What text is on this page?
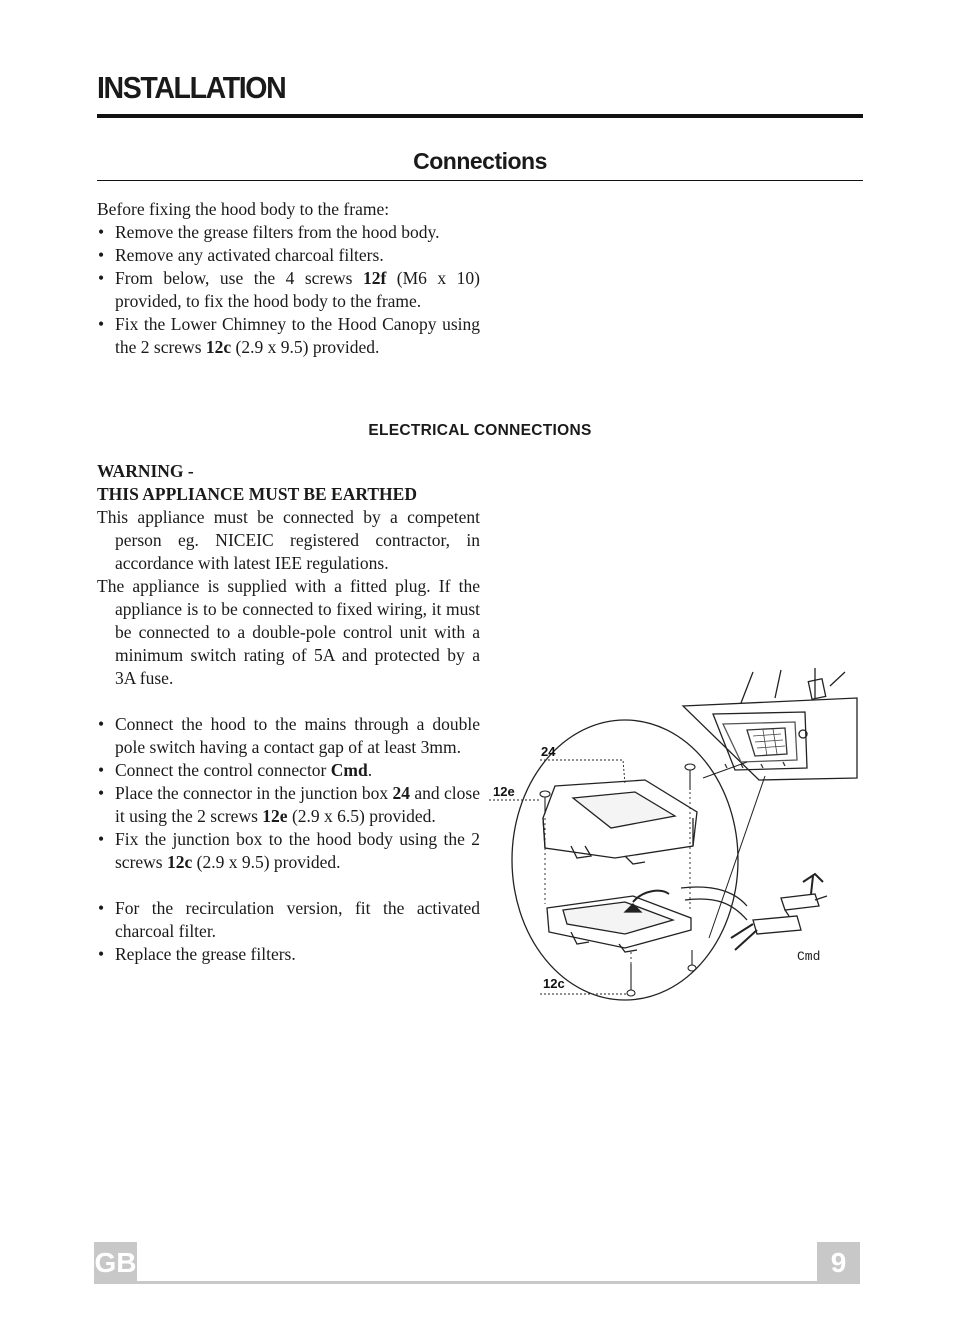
INSTALLATION
Connections

Before fixing the hood body to the frame:

• Remove the grease filters from the hood body.
• Remove any activated charcoal filters.
• From below, use the 4 screws 12f (M6 x 10) provided, to fix the hood body to the frame.
• Fix the Lower Chimney to the Hood Canopy using the 2 screws 12c (2.9 x 9.5) provided.
ELECTRICAL CONNECTIONS

WARNING -

THIS APPLIANCE MUST BE EARTHED

This appliance must be connected by a competent person eg. NICEIC registered contractor, in accordance with latest IEE regulations.

The appliance is supplied with a fitted plug. If the appliance is to be connected to fixed wiring, it must be connected to a double-pole control unit with a minimum switch rating of 5A and protected by a 3A fuse.

• Connect the hood to the mains through a double pole switch having a contact gap of at least 3mm.
• Connect the control connector Cmd.
• Place the connector in the junction box 24 and close it using the 2 screws 12e (2.9 x 6.5) provided.
• Fix the junction box to the hood body using the 2 screws 12c (2.9 x 9.5) provided.
• For the recirculation version, fit the activated charcoal filter.
• Replace the grease filters.
24
12e
12c
Cmd
GB	9
